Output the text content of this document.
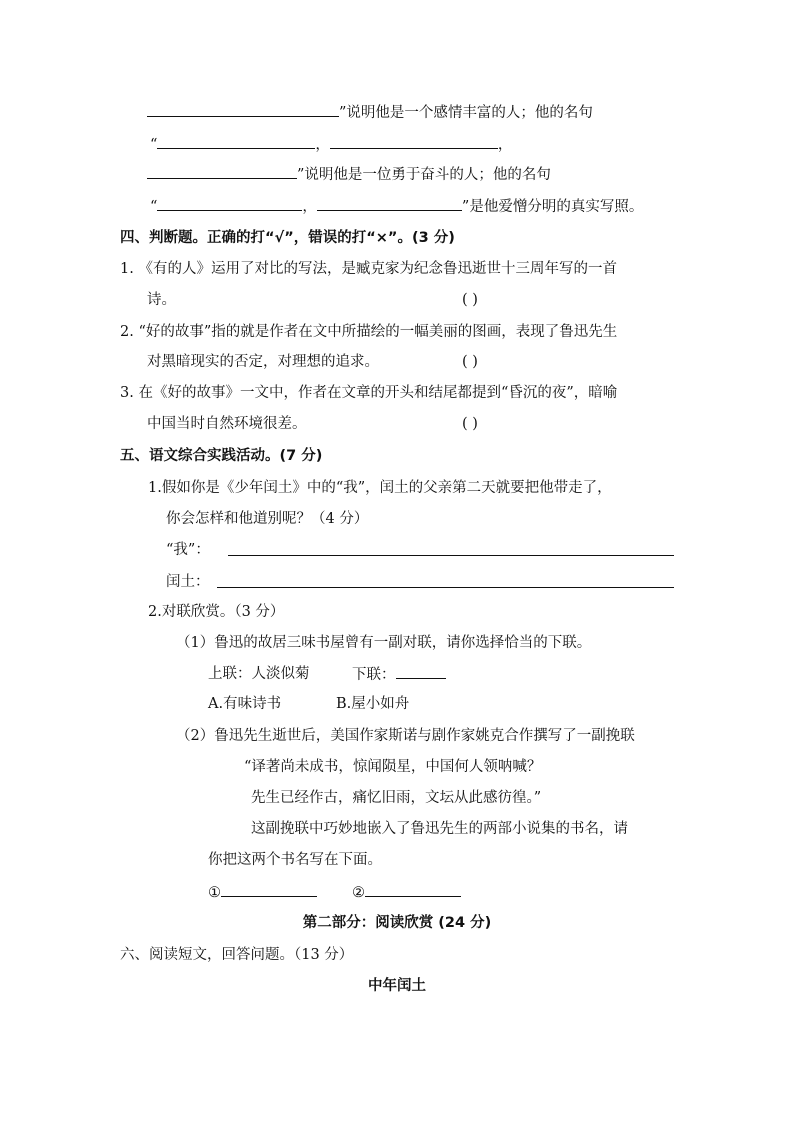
”说明他是一个感情丰富的人；他的名句
“	，	，
”说明他是一位勇于奋斗的人；他的名句
“	，	”是他爱憎分明的真实写照。
四、判断题。正确的打“√”，错误的打“×”。(3 分)
1. 《有的人》运用了对比的写法，是臧克家为纪念鲁迅逝世十三周年写的一首
诗。	( )
2. “好的故事”指的就是作者在文中所描绘的一幅美丽的图画，表现了鲁迅先生
对黑暗现实的否定，对理想的追求。	( )
3. 在《好的故事》一文中，作者在文章的开头和结尾都提到“昏沉的夜”，暗喻
中国当时自然环境很差。	( )
五、语文综合实践活动。(7 分)
1.假如你是《少年闰土》中的“我”，闰土的父亲第二天就要把他带走了，
你会怎样和他道别呢？（4 分）
“我”：
闰土：
2.对联欣赏。（3 分）
（1）鲁迅的故居三味书屋曾有一副对联，请你选择恰当的下联。
上联：人淡似菊	下联：
A.有味诗书	B.屋小如舟
（2）鲁迅先生逝世后，美国作家斯诺与剧作家姚克合作撰写了一副挽联
“译著尚未成书，惊闻陨星，中国何人领呐喊？
先生已经作古，痛忆旧雨，文坛从此感彷徨。”
这副挽联中巧妙地嵌入了鲁迅先生的两部小说集的书名，请
你把这两个书名写在下面。
①	②
第二部分：阅读欣赏 (24 分)
六、阅读短文，回答问题。（13 分）
中年闰土
